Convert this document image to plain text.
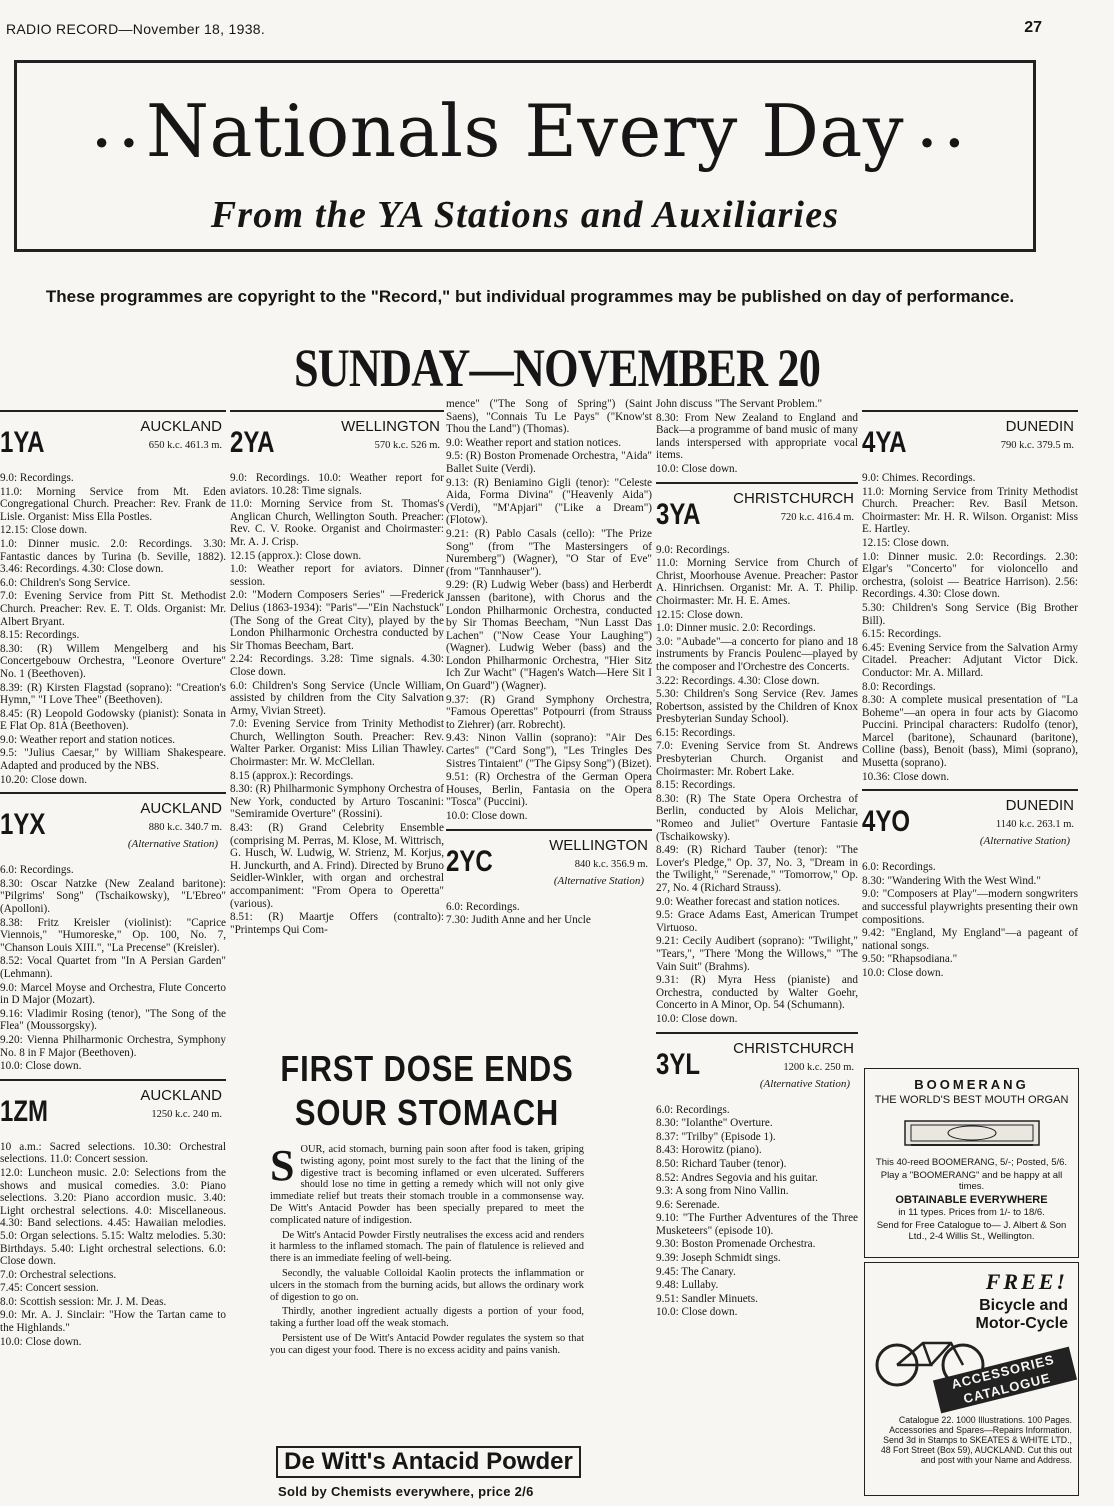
RADIO RECORD—November 18, 1938.	27
●●	●●
Nationals Every Day
From the YA Stations and Auxiliaries
These programmes are copyright to the "Record," but individual programmes may be published on day of performance.
SUNDAY—NOVEMBER 20
1YA	AUCKLAND
650 k.c. 461.3 m.

9.0: Recordings.

11.0: Morning Service from Mt. Eden Congregational Church. Preacher: Rev. Frank de Lisle. Organist: Miss Ella Postles.

12.15: Close down.

1.0: Dinner music. 2.0: Recordings. 3.30: Fantastic dances by Turina (b. Seville, 1882). 3.46: Recordings. 4.30: Close down.

6.0: Children's Song Service.

7.0: Evening Service from Pitt St. Methodist Church. Preacher: Rev. E. T. Olds. Organist: Mr. Albert Bryant.

8.15: Recordings.

8.30: (R) Willem Mengelberg and his Concertgebouw Orchestra, "Leonore Overture" No. 1 (Beethoven).

8.39: (R) Kirsten Flagstad (soprano): "Creation's Hymn," "I Love Thee" (Beethoven).

8.45: (R) Leopold Godowsky (pianist): Sonata in E Flat Op. 81A (Beethoven).

9.0: Weather report and station notices.

9.5: "Julius Caesar," by William Shakespeare. Adapted and produced by the NBS.

10.20: Close down.

1YX	AUCKLAND
880 k.c. 340.7 m.
(Alternative Station)

6.0: Recordings.

8.30: Oscar Natzke (New Zealand baritone): "Pilgrims' Song" (Tschaikowsky), "L'Ebreo" (Apolloni).

8.38: Fritz Kreisler (violinist): "Caprice Viennois," "Humoreske," Op. 100, No. 7, "Chanson Louis XIII.", "La Precense" (Kreisler).

8.52: Vocal Quartet from "In A Persian Garden" (Lehmann).

9.0: Marcel Moyse and Orchestra, Flute Concerto in D Major (Mozart).

9.16: Vladimir Rosing (tenor), "The Song of the Flea" (Moussorgsky).

9.20: Vienna Philharmonic Orchestra, Symphony No. 8 in F Major (Beethoven).

10.0: Close down.

1ZM	AUCKLAND
1250 k.c. 240 m.

10 a.m.: Sacred selections. 10.30: Orchestral selections. 11.0: Concert session.

12.0: Luncheon music. 2.0: Selections from the shows and musical comedies. 3.0: Piano selections. 3.20: Piano accordion music. 3.40: Light orchestral selections. 4.0: Miscellaneous. 4.30: Band selections. 4.45: Hawaiian melodies. 5.0: Organ selections. 5.15: Waltz melodies. 5.30: Birthdays. 5.40: Light orchestral selections. 6.0: Close down.

7.0: Orchestral selections.

7.45: Concert session.

8.0: Scottish session: Mr. J. M. Deas.

9.0: Mr. A. J. Sinclair: "How the Tartan came to the Highlands."

10.0: Close down.

2YA	WELLINGTON
570 k.c. 526 m.

9.0: Recordings. 10.0: Weather report for aviators. 10.28: Time signals.

11.0: Morning Service from St. Thomas's Anglican Church, Wellington South. Preacher: Rev. C. V. Rooke. Organist and Choirmaster: Mr. A. J. Crisp.

12.15 (approx.): Close down.

1.0: Weather report for aviators. Dinner session.

2.0: "Modern Composers Series" —Frederick Delius (1863-1934): "Paris"—"Ein Nachstuck" (The Song of the Great City), played by the London Philharmonic Orchestra conducted by Sir Thomas Beecham, Bart.

2.24: Recordings. 3.28: Time signals. 4.30: Close down.

6.0: Children's Song Service (Uncle William, assisted by children from the City Salvation Army, Vivian Street).

7.0: Evening Service from Trinity Methodist Church, Wellington South. Preacher: Rev. Walter Parker. Organist: Miss Lilian Thawley. Choirmaster: Mr. W. McClellan.

8.15 (approx.): Recordings.

8.30: (R) Philharmonic Symphony Orchestra of New York, conducted by Arturo Toscanini: "Semiramide Overture" (Rossini).

8.43: (R) Grand Celebrity Ensemble (comprising M. Perras, M. Klose, M. Wittrisch, G. Husch, W. Ludwig, W. Strienz, M. Korjus, H. Junckurth, and A. Frind). Directed by Bruno Seidler-Winkler, with organ and orchestral accompaniment: "From Opera to Operetta" (various).

8.51: (R) Maartje Offers (contralto): "Printemps Qui Com-

mence" ("The Song of Spring") (Saint Saens), "Connais Tu Le Pays" ("Know'st Thou the Land") (Thomas).

9.0: Weather report and station notices.

9.5: (R) Boston Promenade Orchestra, "Aida" Ballet Suite (Verdi).

9.13: (R) Beniamino Gigli (tenor): "Celeste Aida, Forma Divina" ("Heavenly Aida") (Verdi), "M'Apjari" ("Like a Dream") (Flotow).

9.21: (R) Pablo Casals (cello): "The Prize Song" (from "The Mastersingers of Nuremberg") (Wagner), "O Star of Eve" (from "Tannhauser").

9.29: (R) Ludwig Weber (bass) and Herberdt Janssen (baritone), with Chorus and the London Philharmonic Orchestra, conducted by Sir Thomas Beecham, "Nun Lasst Das Lachen" ("Now Cease Your Laughing") (Wagner). Ludwig Weber (bass) and the London Philharmonic Orchestra, "Hier Sitz Ich Zur Wacht" ("Hagen's Watch—Here Sit I On Guard") (Wagner).

9.37: (R) Grand Symphony Orchestra, "Famous Operettas" Potpourri (from Strauss to Ziehrer) (arr. Robrecht).

9.43: Ninon Vallin (soprano): "Air Des Cartes" ("Card Song"), "Les Tringles Des Sistres Tintaient" ("The Gipsy Song") (Bizet).

9.51: (R) Orchestra of the German Opera Houses, Berlin, Fantasia on the Opera "Tosca" (Puccini).

10.0: Close down.

2YC	WELLINGTON
840 k.c. 356.9 m.
(Alternative Station)

6.0: Recordings.

7.30: Judith Anne and her Uncle

John discuss "The Servant Problem."

8.30: From New Zealand to England and Back—a programme of band music of many lands interspersed with appropriate vocal items.

10.0: Close down.

3YA CHRISTCHURCH
720 k.c. 416.4 m.

9.0: Recordings.

11.0: Morning Service from Church of Christ, Moorhouse Avenue. Preacher: Pastor A. Hinrichsen. Organist: Mr. A. T. Philip. Choirmaster: Mr. H. E. Ames.

12.15: Close down.

1.0: Dinner music. 2.0: Recordings.

3.0: "Aubade"—a concerto for piano and 18 instruments by Francis Poulenc—played by the composer and l'Orchestre des Concerts.

3.22: Recordings. 4.30: Close down.

5.30: Children's Song Service (Rev. James Robertson, assisted by the Children of Knox Presbyterian Sunday School).

6.15: Recordings.

7.0: Evening Service from St. Andrews Presbyterian Church. Organist and Choirmaster: Mr. Robert Lake.

8.15: Recordings.

8.30: (R) The State Opera Orchestra of Berlin, conducted by Alois Melichar, "Romeo and Juliet" Overture Fantasie (Tschaikowsky).

8.49: (R) Richard Tauber (tenor): "The Lover's Pledge," Op. 37, No. 3, "Dream in the Twilight," "Serenade," "Tomorrow," Op. 27, No. 4 (Richard Strauss).

9.0: Weather forecast and station notices.

9.5: Grace Adams East, American Trumpet Virtuoso.

9.21: Cecily Audibert (soprano): "Twilight," "Tears,", "There 'Mong the Willows," "The Vain Suit" (Brahms).

9.31: (R) Myra Hess (pianiste) and Orchestra, conducted by Walter Goehr, Concerto in A Minor, Op. 54 (Schumann).

10.0: Close down.

3YL CHRISTCHURCH
1200 k.c. 250 m.
(Alternative Station)

6.0: Recordings.

8.30: "Iolanthe" Overture.

8.37: "Trilby" (Episode 1).

8.43: Horowitz (piano).

8.50: Richard Tauber (tenor).

8.52: Andres Segovia and his guitar.

9.3: A song from Nino Vallin.

9.6: Serenade.

9.10: "The Further Adventures of the Three Musketeers" (episode 10).

9.30: Boston Promenade Orchestra.

9.39: Joseph Schmidt sings.

9.45: The Canary.

9.48: Lullaby.

9.51: Sandler Minuets.

10.0: Close down.

4YA	DUNEDIN
790 k.c. 379.5 m.

9.0: Chimes. Recordings.

11.0: Morning Service from Trinity Methodist Church. Preacher: Rev. Basil Metson. Choirmaster: Mr. H. R. Wilson. Organist: Miss E. Hartley.

12.15: Close down.

1.0: Dinner music. 2.0: Recordings. 2.30: Elgar's "Concerto" for violoncello and orchestra, (soloist — Beatrice Harrison). 2.56: Recordings. 4.30: Close down.

5.30: Children's Song Service (Big Brother Bill).

6.15: Recordings.

6.45: Evening Service from the Salvation Army Citadel. Preacher: Adjutant Victor Dick. Conductor: Mr. A. Millard.

8.0: Recordings.

8.30: A complete musical presentation of "La Boheme"—an opera in four acts by Giacomo Puccini. Principal characters: Rudolfo (tenor), Marcel (baritone), Schaunard (baritone), Colline (bass), Benoit (bass), Mimi (soprano), Musetta (soprano).

10.36: Close down.

4YO	DUNEDIN
1140 k.c. 263.1 m.
(Alternative Station)

6.0: Recordings.

8.30: "Wandering With the West Wind."

9.0: "Composers at Play"—modern songwriters and successful playwrights presenting their own compositions.

9.42: "England, My England"—a pageant of national songs.

9.50: "Rhapsodiana."

10.0: Close down.

FIRST DOSE ENDS
SOUR STOMACH

SOUR, acid stomach, burning pain soon after food is taken, griping twisting agony, point most surely to the fact that the lining of the digestive tract is becoming inflamed or even ulcerated. Sufferers should lose no time in getting a remedy which will not only give immediate relief but treats their stomach trouble in a commonsense way. De Witt's Antacid Powder has been specially prepared to meet the complicated nature of indigestion.

De Witt's Antacid Powder Firstly neutralises the excess acid and renders it harmless to the inflamed stomach. The pain of flatulence is relieved and there is an immediate feeling of well-being.

Secondly, the valuable Colloidal Kaolin protects the inflammation or ulcers in the stomach from the burning acids, but allows the ordinary work of digestion to go on.

Thirdly, another ingredient actually digests a portion of your food, taking a further load off the weak stomach.

Persistent use of De Witt's Antacid Powder regulates the system so that you can digest your food. There is no excess acidity and pains vanish.

De Witt's Antacid Powder
Sold by Chemists everywhere, price 2/6
BOOMERANG
THE WORLD'S BEST MOUTH ORGAN
This 40-reed BOOMERANG, 5/-; Posted, 5/6.
Play a "BOOMERANG" and be happy at all times.
OBTAINABLE EVERYWHERE
in 11 types. Prices from 1/- to 18/6.
Send for Free Catalogue to— J. Albert & Son Ltd., 2-4 Willis St., Wellington.
FREE!
Bicycle and Motor-Cycle
ACCESSORIES CATALOGUE
Catalogue 22. 1000 Illustrations. 100 Pages. Accessories and Spares—Repairs Information. Send 3d in Stamps to SKEATES & WHITE LTD., 48 Fort Street (Box 59), AUCKLAND. Cut this out and post with your Name and Address.
